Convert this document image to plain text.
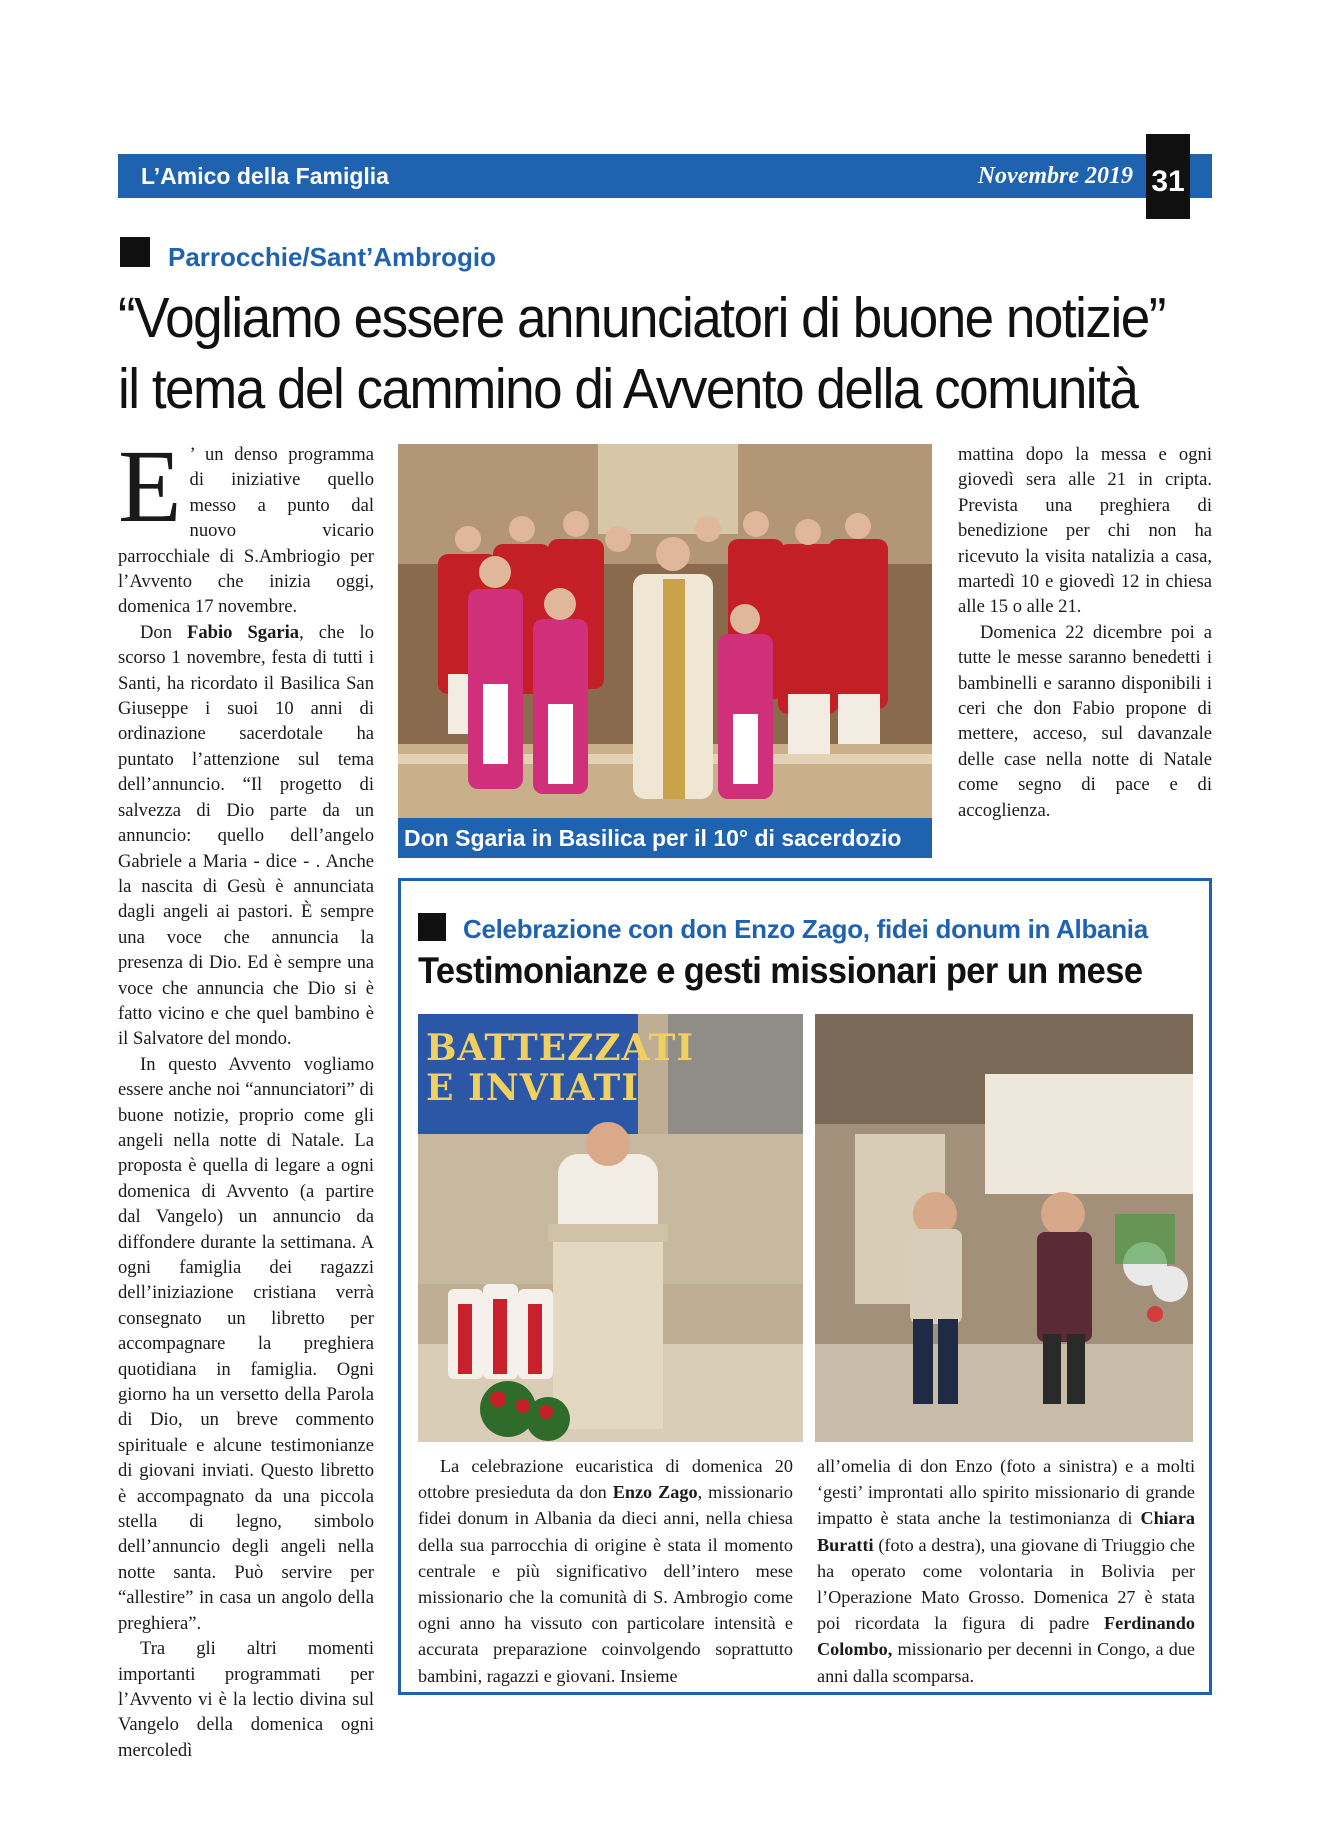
L’Amico della Famiglia	Novembre 2019 31
Parrocchie/Sant’Ambrogio
“Vogliamo essere annunciatori di buone notizie”
il tema del cammino di Avvento della comunità

E ’ un denso programma di iniziative quello messo a punto dal nuovo vicario parrocchiale di S.Ambriogio per l’Avvento che inizia oggi, domenica 17 novembre.

Don Fabio Sgaria, che lo scorso 1 novembre, festa di tutti i Santi, ha ricordato il Basilica San Giuseppe i suoi 10 anni di ordinazione sacerdotale ha puntato l’attenzione sul tema dell’annuncio. “Il progetto di salvezza di Dio parte da un annuncio: quello dell’angelo Gabriele a Maria - dice - . Anche la nascita di Gesù è annunciata dagli angeli ai pastori. È sempre una voce che annuncia la presenza di Dio. Ed è sempre una voce che annuncia che Dio si è fatto vicino e che quel bambino è il Salvatore del mondo.

In questo Avvento vogliamo essere anche noi “annunciatori” di buone notizie, proprio come gli angeli nella notte di Natale. La proposta è quella di legare a ogni domenica di Avvento (a partire dal Vangelo) un annuncio da diffondere durante la settimana. A ogni famiglia dei ragazzi dell’iniziazione cristiana verrà consegnato un libretto per accompagnare la preghiera quotidiana in famiglia. Ogni giorno ha un versetto della Parola di Dio, un breve commento spirituale e alcune testimonianze di giovani inviati. Questo libretto è accompagnato da una piccola stella di legno, simbolo dell’annuncio degli angeli nella notte santa. Può servire per “allestire” in casa un angolo della preghiera”.

Tra gli altri momenti importanti programmati per l’Avvento vi è la lectio divina sul Vangelo della domenica ogni mercoledì

Don Sgaria in Basilica per il 10° di sacerdozio

mattina dopo la messa e ogni giovedì sera alle 21 in cripta. Prevista una preghiera di benedizione per chi non ha ricevuto la visita natalizia a casa, martedì 10 e giovedì 12 in chiesa alle 15 o alle 21.

Domenica 22 dicembre poi a tutte le messe saranno benedetti i bambinelli e saranno disponibili i ceri che don Fabio propone di mettere, acceso, sul davanzale delle case nella notte di Natale come segno di pace e di accoglienza.

Celebrazione con don Enzo Zago, fidei donum in Albania
Testimonianze e gesti missionari per un mese
BATTEZZATI
E INVIATI

La celebrazione eucaristica di domenica 20 ottobre presieduta da don Enzo Zago, missionario fidei donum in Albania da dieci anni, nella chiesa della sua parrocchia di origine è stata il momento centrale e più significativo dell’intero mese missionario che la comunità di S. Ambrogio come ogni anno ha vissuto con particolare intensità e accurata preparazione coinvolgendo soprattutto bambini, ragazzi e giovani. Insieme

all’omelia di don Enzo (foto a sinistra) e a molti ‘gesti’ improntati allo spirito missionario di grande impatto è stata anche la testimonianza di Chiara Buratti (foto a destra), una giovane di Triuggio che ha operato come volontaria in Bolivia per l’Operazione Mato Grosso. Domenica 27 è stata poi ricordata la figura di padre Ferdinando Colombo, missionario per decenni in Congo, a due anni dalla scomparsa.
